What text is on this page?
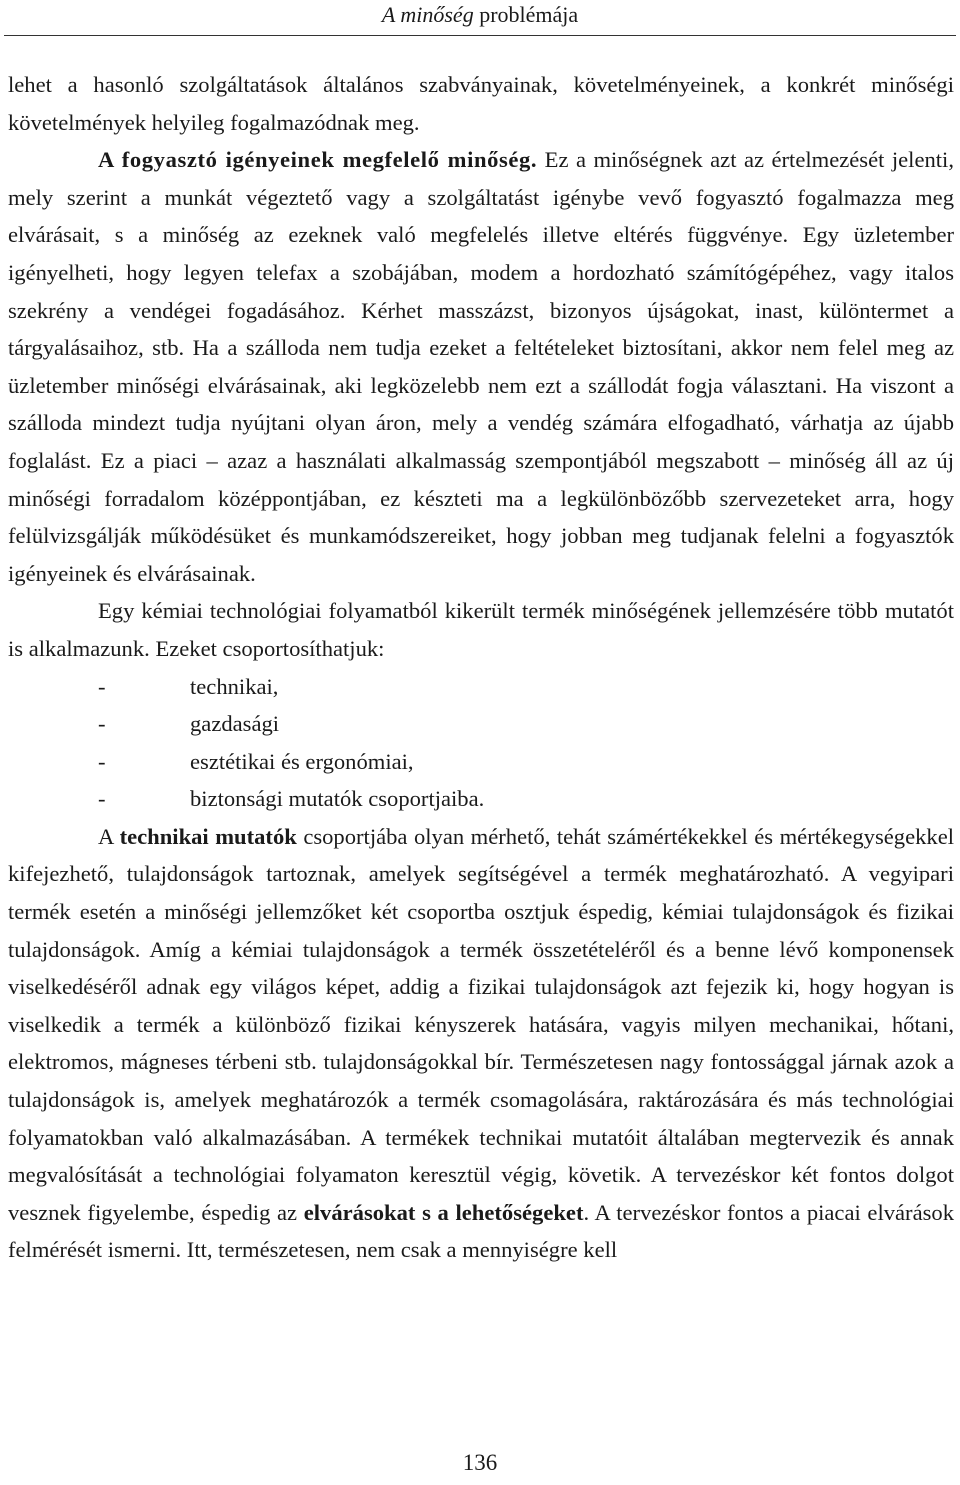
A minőség problémája

lehet a hasonló szolgáltatások általános szabványainak, követelményeinek, a konkrét minőségi követelmények helyileg fogalmazódnak meg.

A fogyasztó igényeinek megfelelő minőség. Ez a minőségnek azt az értelmezését jelenti, mely szerint a munkát végeztető vagy a szolgáltatást igénybe vevő fogyasztó fogalmazza meg elvárásait, s a minőség az ezeknek való megfelelés illetve eltérés függvénye. Egy üzletember igényelheti, hogy legyen telefax a szobájában, modem a hordozható számítógépéhez, vagy italos szekrény a vendégei fogadásához. Kérhet masszázst, bizonyos újságokat, inast, különtermet a tárgyalásaihoz, stb. Ha a szálloda nem tudja ezeket a feltételeket biztosítani, akkor nem felel meg az üzletember minőségi elvárásainak, aki legközelebb nem ezt a szállodát fogja választani. Ha viszont a szálloda mindezt tudja nyújtani olyan áron, mely a vendég számára elfogadható, várhatja az újabb foglalást. Ez a piaci ‒ azaz a használati alkalmasság szempontjából megszabott ‒ minőség áll az új minőségi forradalom középpontjában, ez készteti ma a legkülönbözőbb szervezeteket arra, hogy felülvizsgálják működésüket és munkamódszereiket, hogy jobban meg tudjanak felelni a fogyasztók igényeinek és elvárásainak.

Egy kémiai technológiai folyamatból kikerült termék minőségének jellemzésére több mutatót is alkalmazunk. Ezeket csoportosíthatjuk:

-	technikai,
-	gazdasági
-	esztétikai és ergonómiai,
-	biztonsági mutatók csoportjaiba.

A technikai mutatók csoportjába olyan mérhető, tehát számértékekkel és mértékegységekkel kifejezhető, tulajdonságok tartoznak, amelyek segítségével a termék meghatározható. A vegyipari termék esetén a minőségi jellemzőket két csoportba osztjuk éspedig, kémiai tulajdonságok és fizikai tulajdonságok. Amíg a kémiai tulajdonságok a termék összetételéről és a benne lévő komponensek viselkedéséről adnak egy világos képet, addig a fizikai tulajdonságok azt fejezik ki, hogy hogyan is viselkedik a termék a különböző fizikai kényszerek hatására, vagyis milyen mechanikai, hőtani, elektromos, mágneses térbeni stb. tulajdonságokkal bír. Természetesen nagy fontossággal járnak azok a tulajdonságok is, amelyek meghatározók a termék csomagolására, raktározására és más technológiai folyamatokban való alkalmazásában. A termékek technikai mutatóit általában megtervezik és annak megvalósítását a technológiai folyamaton keresztül végig, követik. A tervezéskor két fontos dolgot vesznek figyelembe, éspedig az elvárásokat s a lehetőségeket. A tervezéskor fontos a piacai elvárások felmérését ismerni. Itt, természetesen, nem csak a mennyiségre kell

136
